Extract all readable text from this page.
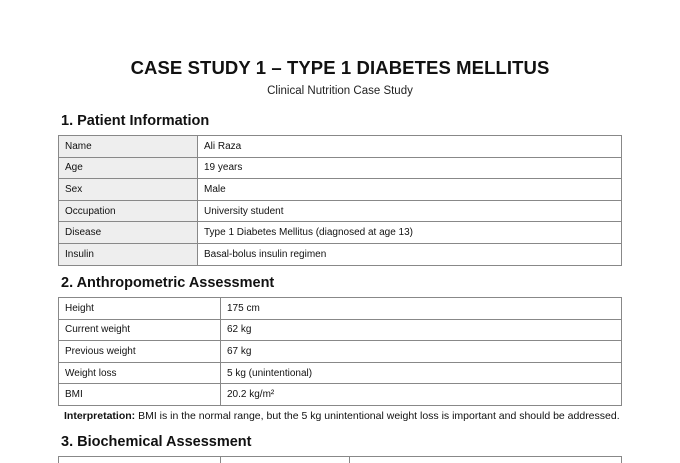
CASE STUDY 1 – TYPE 1 DIABETES MELLITUS
Clinical Nutrition Case Study
1. Patient Information
Name	Ali Raza
Age	19 years
Sex	Male
Occupation	University student
Disease	Type 1 Diabetes Mellitus (diagnosed at age 13)
Insulin	Basal-bolus insulin regimen
2. Anthropometric Assessment
Height	175 cm
Current weight	62 kg
Previous weight	67 kg
Weight loss	5 kg (unintentional)
BMI	20.2 kg/m²
Interpretation: BMI is in the normal range, but the 5 kg unintentional weight loss is important and should be addressed.
3. Biochemical Assessment
